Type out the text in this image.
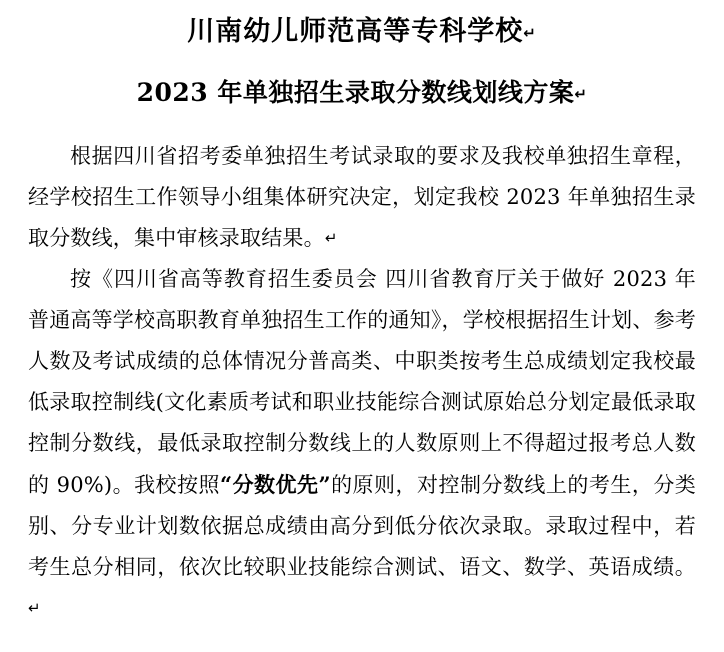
川南幼儿师范高等专科学校↵
2023 年单独招生录取分数线划线方案↵

根据四川省招考委单独招生考试录取的要求及我校单独招生章程，经学校招生工作领导小组集体研究决定，划定我校 2023 年单独招生录取分数线，集中审核录取结果。↵

按《四川省高等教育招生委员会 四川省教育厅关于做好 2023 年普通高等学校高职教育单独招生工作的通知》，学校根据招生计划、参考人数及考试成绩的总体情况分普高类、中职类按考生总成绩划定我校最低录取控制线(文化素质考试和职业技能综合测试原始总分划定最低录取控制分数线，最低录取控制分数线上的人数原则上不得超过报考总人数的 90%)。我校按照“分数优先”的原则，对控制分数线上的考生，分类别、分专业计划数依据总成绩由高分到低分依次录取。录取过程中，若考生总分相同，依次比较职业技能综合测试、语文、数学、英语成绩。↵
